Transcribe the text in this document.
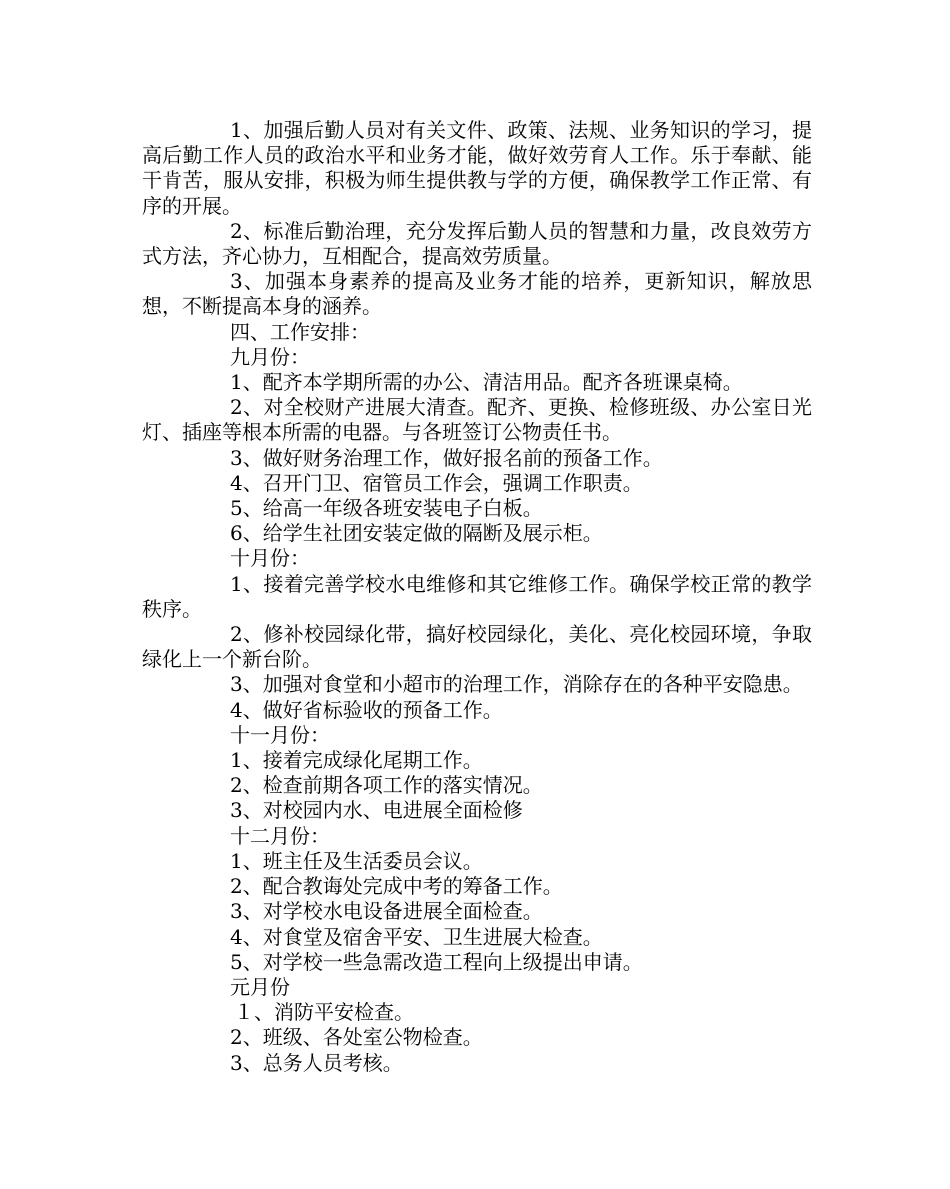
1、加强后勤人员对有关文件、政策、法规、业务知识的学习，提高后勤工作人员的政治水平和业务才能，做好效劳育人工作。乐于奉献、能干肯苦，服从安排，积极为师生提供教与学的方便，确保教学工作正常、有序的开展。

2、标准后勤治理，充分发挥后勤人员的智慧和力量，改良效劳方式方法，齐心协力，互相配合，提高效劳质量。

3、加强本身素养的提高及业务才能的培养，更新知识，解放思想，不断提高本身的涵养。

四、工作安排：

九月份：

1、配齐本学期所需的办公、清洁用品。配齐各班课桌椅。

2、对全校财产进展大清查。配齐、更换、检修班级、办公室日光灯、插座等根本所需的电器。与各班签订公物责任书。

3、做好财务治理工作，做好报名前的预备工作。

4、召开门卫、宿管员工作会，强调工作职责。

5、给高一年级各班安装电子白板。

6、给学生社团安装定做的隔断及展示柜。

十月份：

1、接着完善学校水电维修和其它维修工作。确保学校正常的教学秩序。

2、修补校园绿化带，搞好校园绿化，美化、亮化校园环境，争取绿化上一个新台阶。

3、加强对食堂和小超市的治理工作，消除存在的各种平安隐患。

4、做好省标验收的预备工作。

十一月份：

1、接着完成绿化尾期工作。

2、检查前期各项工作的落实情况。

3、对校园内水、电进展全面检修

十二月份：

1、班主任及生活委员会议。

2、配合教诲处完成中考的筹备工作。

3、对学校水电设备进展全面检查。

4、对食堂及宿舍平安、卫生进展大检查。

5、对学校一些急需改造工程向上级提出申请。

元月份

１、消防平安检查。

2、班级、各处室公物检查。

3、总务人员考核。
